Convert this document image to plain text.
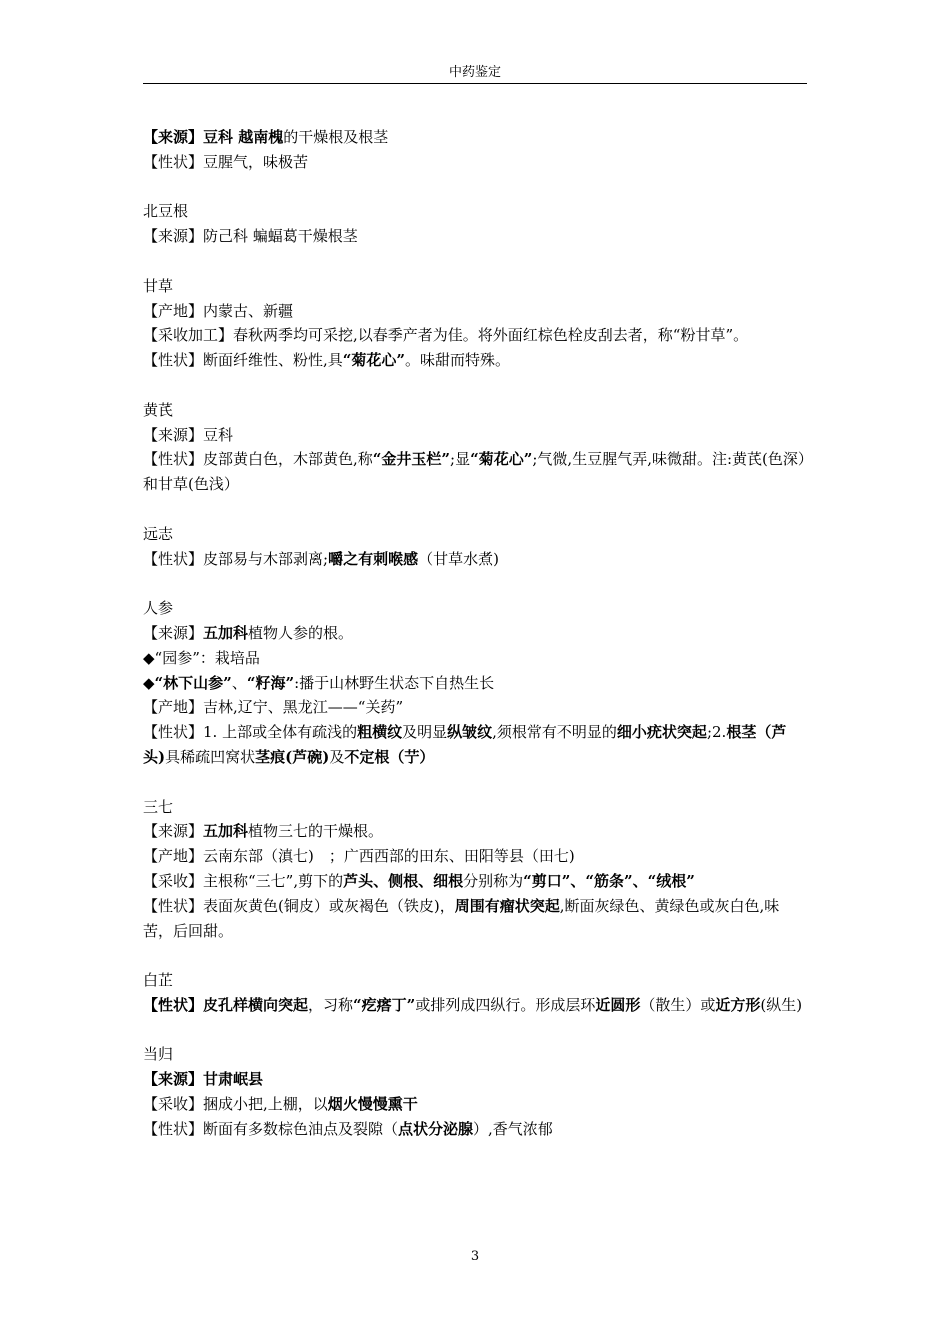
中药鉴定

【来源】豆科 越南槐的干燥根及根茎

【性状】豆腥气，味极苦

北豆根

【来源】防己科 蝙蝠葛干燥根茎

甘草

【产地】内蒙古、新疆

【采收加工】春秋两季均可采挖,以春季产者为佳。将外面红棕色栓皮刮去者，称“粉甘草”。

【性状】断面纤维性、粉性,具“菊花心”。味甜而特殊。

黄芪

【来源】豆科

【性状】皮部黄白色，木部黄色,称“金井玉栏”;显“菊花心”;气微,生豆腥气弄,味微甜。注:黄芪(色深）和甘草(色浅）

远志

【性状】皮部易与木部剥离;嚼之有刺喉感（甘草水煮)

人参

【来源】五加科植物人参的根。

◆“园参”：栽培品

◆“林下山参”、“籽海”:播于山林野生状态下自热生长

【产地】吉林,辽宁、黑龙江——“关药”

【性状】1. 上部或全体有疏浅的粗横纹及明显纵皱纹,须根常有不明显的细小疣状突起;2.根茎（芦头)具稀疏凹窝状茎痕(芦碗)及不定根（艼）

三七

【来源】五加科植物三七的干燥根。

【产地】云南东部（滇七)　；广西西部的田东、田阳等县（田七)

【采收】主根称“三七”,剪下的芦头、侧根、细根分别称为“剪口”、“筋条”、“绒根”

【性状】表面灰黄色(铜皮）或灰褐色（铁皮)，周围有瘤状突起,断面灰绿色、黄绿色或灰白色,味苦，后回甜。

白芷

【性状】皮孔样横向突起，习称“疙瘩丁”或排列成四纵行。形成层环近圆形（散生）或近方形(纵生)

当归

【来源】甘肃岷县

【采收】捆成小把,上棚，以烟火慢慢熏干

【性状】断面有多数棕色油点及裂隙（点状分泌腺）,香气浓郁

3
